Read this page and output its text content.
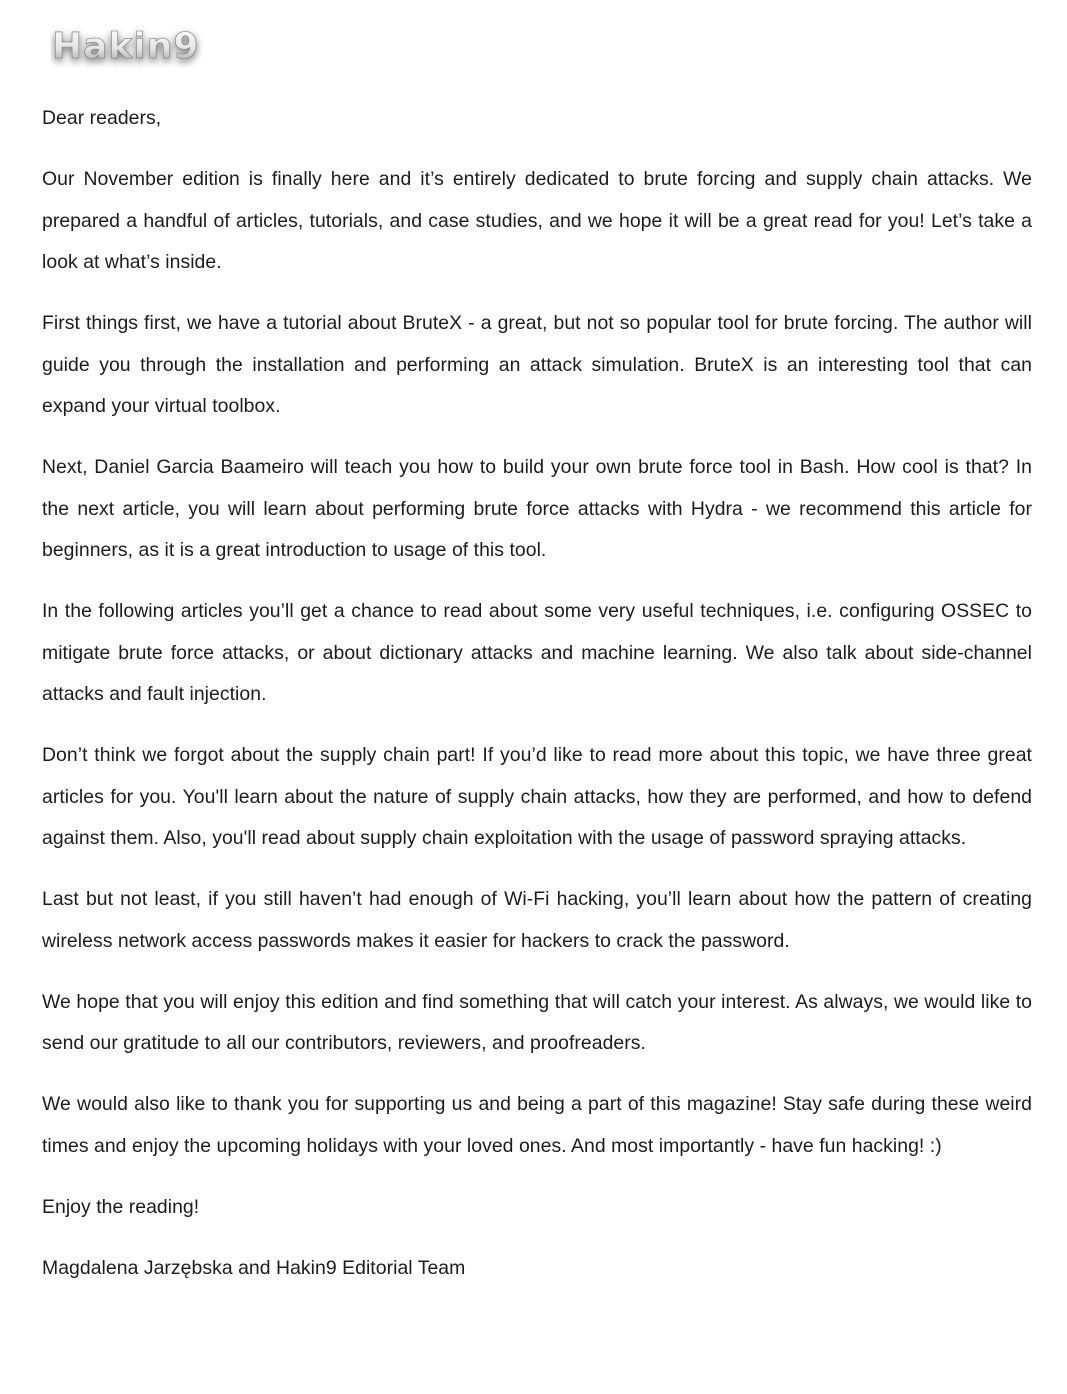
Hakin9

Dear readers,

Our November edition is finally here and it’s entirely dedicated to brute forcing and supply chain attacks. We prepared a handful of articles, tutorials, and case studies, and we hope it will be a great read for you! Let’s take a look at what’s inside.

First things first, we have a tutorial about BruteX - a great, but not so popular tool for brute forcing. The author will guide you through the installation and performing an attack simulation. BruteX is an interesting tool that can expand your virtual toolbox.

Next, Daniel Garcia Baameiro will teach you how to build your own brute force tool in Bash. How cool is that? In the next article, you will learn about performing brute force attacks with Hydra - we recommend this article for beginners, as it is a great introduction to usage of this tool.

In the following articles you’ll get a chance to read about some very useful techniques, i.e. configuring OSSEC to mitigate brute force attacks, or about dictionary attacks and machine learning. We also talk about side-channel attacks and fault injection.

Don’t think we forgot about the supply chain part! If you’d like to read more about this topic, we have three great articles for you. You'll learn about the nature of supply chain attacks, how they are performed, and how to defend against them. Also, you'll read about supply chain exploitation with the usage of password spraying attacks.

Last but not least, if you still haven’t had enough of Wi-Fi hacking, you’ll learn about how the pattern of creating wireless network access passwords makes it easier for hackers to crack the password.

We hope that you will enjoy this edition and find something that will catch your interest. As always, we would like to send our gratitude to all our contributors, reviewers, and proofreaders.

We would also like to thank you for supporting us and being a part of this magazine! Stay safe during these weird times and enjoy the upcoming holidays with your loved ones. And most importantly - have fun hacking! :)

Enjoy the reading!

Magdalena Jarzębska and Hakin9 Editorial Team
